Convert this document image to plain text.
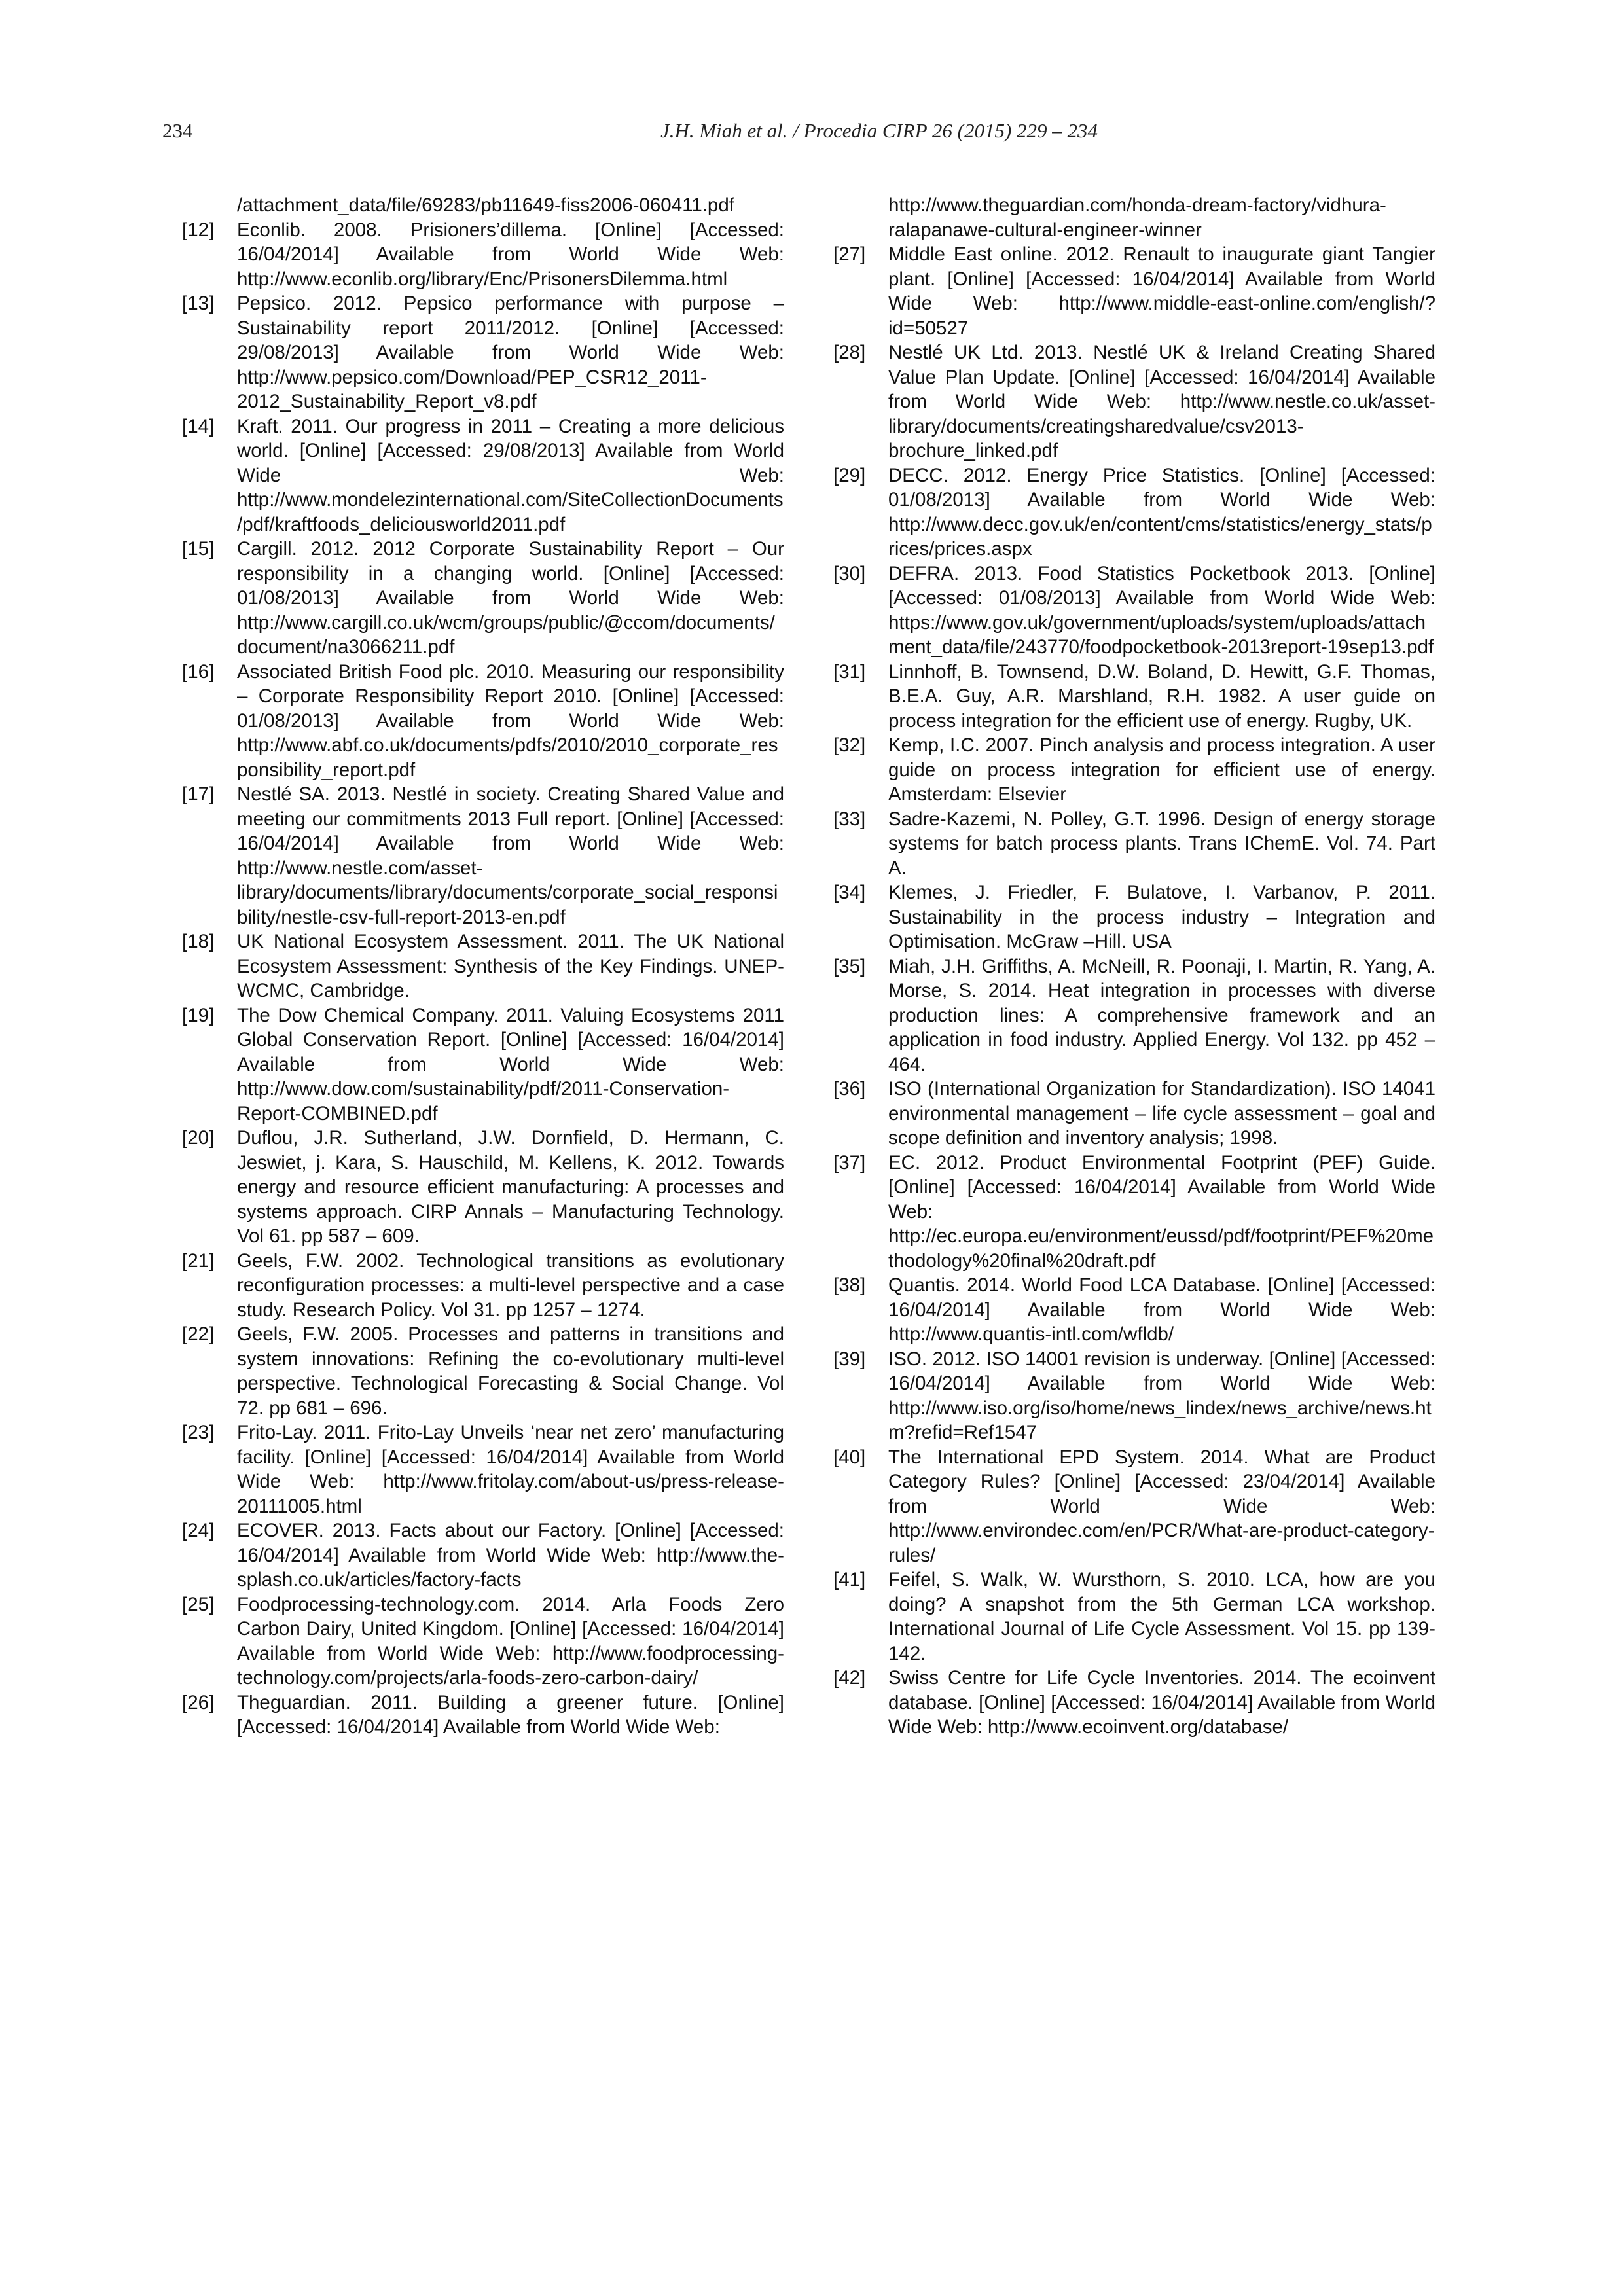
234	J.H. Miah et al. / Procedia CIRP 26 (2015) 229 – 234
/attachment_data/file/69283/pb11649-fiss2006-060411.pdf
[12] Econlib. 2008. Prisioners’dillema. [Online] [Accessed: 16/04/2014] Available from World Wide Web: http://www.econlib.org/library/Enc/PrisonersDilemma.html
[13] Pepsico. 2012. Pepsico performance with purpose – Sustainability report 2011/2012. [Online] [Accessed: 29/08/2013] Available from World Wide Web: http://www.pepsico.com/Download/PEP_CSR12_2011-2012_Sustainability_Report_v8.pdf
[14] Kraft. 2011. Our progress in 2011 – Creating a more delicious world. [Online] [Accessed: 29/08/2013] Available from World Wide Web: http://www.mondelezinternational.com/SiteCollectionDocuments/pdf/kraftfoods_deliciousworld2011.pdf
[15] Cargill. 2012. 2012 Corporate Sustainability Report – Our responsibility in a changing world. [Online] [Accessed: 01/08/2013] Available from World Wide Web: http://www.cargill.co.uk/wcm/groups/public/@ccom/documents/document/na3066211.pdf
[16] Associated British Food plc. 2010. Measuring our responsibility – Corporate Responsibility Report 2010. [Online] [Accessed: 01/08/2013] Available from World Wide Web: http://www.abf.co.uk/documents/pdfs/2010/2010_corporate_responsibility_report.pdf
[17] Nestlé SA. 2013. Nestlé in society. Creating Shared Value and meeting our commitments 2013 Full report. [Online] [Accessed: 16/04/2014] Available from World Wide Web: http://www.nestle.com/asset-library/documents/library/documents/corporate_social_responsibility/nestle-csv-full-report-2013-en.pdf
[18] UK National Ecosystem Assessment. 2011. The UK National Ecosystem Assessment: Synthesis of the Key Findings. UNEP-WCMC, Cambridge.
[19] The Dow Chemical Company. 2011. Valuing Ecosystems 2011 Global Conservation Report. [Online] [Accessed: 16/04/2014] Available from World Wide Web: http://www.dow.com/sustainability/pdf/2011-Conservation-Report-COMBINED.pdf
[20] Duflou, J.R. Sutherland, J.W. Dornfield, D. Hermann, C. Jeswiet, j. Kara, S. Hauschild, M. Kellens, K. 2012. Towards energy and resource efficient manufacturing: A processes and systems approach. CIRP Annals – Manufacturing Technology. Vol 61. pp 587 – 609.
[21] Geels, F.W. 2002. Technological transitions as evolutionary reconfiguration processes: a multi-level perspective and a case study. Research Policy. Vol 31. pp 1257 – 1274.
[22] Geels, F.W. 2005. Processes and patterns in transitions and system innovations: Refining the co-evolutionary multi-level perspective. Technological Forecasting & Social Change. Vol 72. pp 681 – 696.
[23] Frito-Lay. 2011. Frito-Lay Unveils ‘near net zero’ manufacturing facility. [Online] [Accessed: 16/04/2014] Available from World Wide Web: http://www.fritolay.com/about-us/press-release-20111005.html
[24] ECOVER. 2013. Facts about our Factory. [Online] [Accessed: 16/04/2014] Available from World Wide Web: http://www.the-splash.co.uk/articles/factory-facts
[25] Foodprocessing-technology.com. 2014. Arla Foods Zero Carbon Dairy, United Kingdom. [Online] [Accessed: 16/04/2014] Available from World Wide Web: http://www.foodprocessing-technology.com/projects/arla-foods-zero-carbon-dairy/
[26] Theguardian. 2011. Building a greener future. [Online] [Accessed: 16/04/2014] Available from World Wide Web:
http://www.theguardian.com/honda-dream-factory/vidhura-ralapanawe-cultural-engineer-winner
[27] Middle East online. 2012. Renault to inaugurate giant Tangier plant. [Online] [Accessed: 16/04/2014] Available from World Wide Web: http://www.middle-east-online.com/english/?id=50527
[28] Nestlé UK Ltd. 2013. Nestlé UK & Ireland Creating Shared Value Plan Update. [Online] [Accessed: 16/04/2014] Available from World Wide Web: http://www.nestle.co.uk/asset-library/documents/creatingsharedvalue/csv2013-brochure_linked.pdf
[29] DECC. 2012. Energy Price Statistics. [Online] [Accessed: 01/08/2013] Available from World Wide Web: http://www.decc.gov.uk/en/content/cms/statistics/energy_stats/prices/prices.aspx
[30] DEFRA. 2013. Food Statistics Pocketbook 2013. [Online] [Accessed: 01/08/2013] Available from World Wide Web: https://www.gov.uk/government/uploads/system/uploads/attachment_data/file/243770/foodpocketbook-2013report-19sep13.pdf
[31] Linnhoff, B. Townsend, D.W. Boland, D. Hewitt, G.F. Thomas, B.E.A. Guy, A.R. Marshland, R.H. 1982. A user guide on process integration for the efficient use of energy. Rugby, UK.
[32] Kemp, I.C. 2007. Pinch analysis and process integration. A user guide on process integration for efficient use of energy. Amsterdam: Elsevier
[33] Sadre-Kazemi, N. Polley, G.T. 1996. Design of energy storage systems for batch process plants. Trans IChemE. Vol. 74. Part A.
[34] Klemes, J. Friedler, F. Bulatove, I. Varbanov, P. 2011. Sustainability in the process industry – Integration and Optimisation. McGraw –Hill. USA
[35] Miah, J.H. Griffiths, A. McNeill, R. Poonaji, I. Martin, R. Yang, A. Morse, S. 2014. Heat integration in processes with diverse production lines: A comprehensive framework and an application in food industry. Applied Energy. Vol 132. pp 452 – 464.
[36] ISO (International Organization for Standardization). ISO 14041 environmental management – life cycle assessment – goal and scope definition and inventory analysis; 1998.
[37] EC. 2012. Product Environmental Footprint (PEF) Guide. [Online] [Accessed: 16/04/2014] Available from World Wide Web: http://ec.europa.eu/environment/eussd/pdf/footprint/PEF%20methodology%20final%20draft.pdf
[38] Quantis. 2014. World Food LCA Database. [Online] [Accessed: 16/04/2014] Available from World Wide Web: http://www.quantis-intl.com/wfldb/
[39] ISO. 2012. ISO 14001 revision is underway. [Online] [Accessed: 16/04/2014] Available from World Wide Web: http://www.iso.org/iso/home/news_lindex/news_archive/news.htm?refid=Ref1547
[40] The International EPD System. 2014. What are Product Category Rules? [Online] [Accessed: 23/04/2014] Available from World Wide Web: http://www.environdec.com/en/PCR/What-are-product-category-rules/
[41] Feifel, S. Walk, W. Wursthorn, S. 2010. LCA, how are you doing? A snapshot from the 5th German LCA workshop. International Journal of Life Cycle Assessment. Vol 15. pp 139-142.
[42] Swiss Centre for Life Cycle Inventories. 2014. The ecoinvent database. [Online] [Accessed: 16/04/2014] Available from World Wide Web: http://www.ecoinvent.org/database/
